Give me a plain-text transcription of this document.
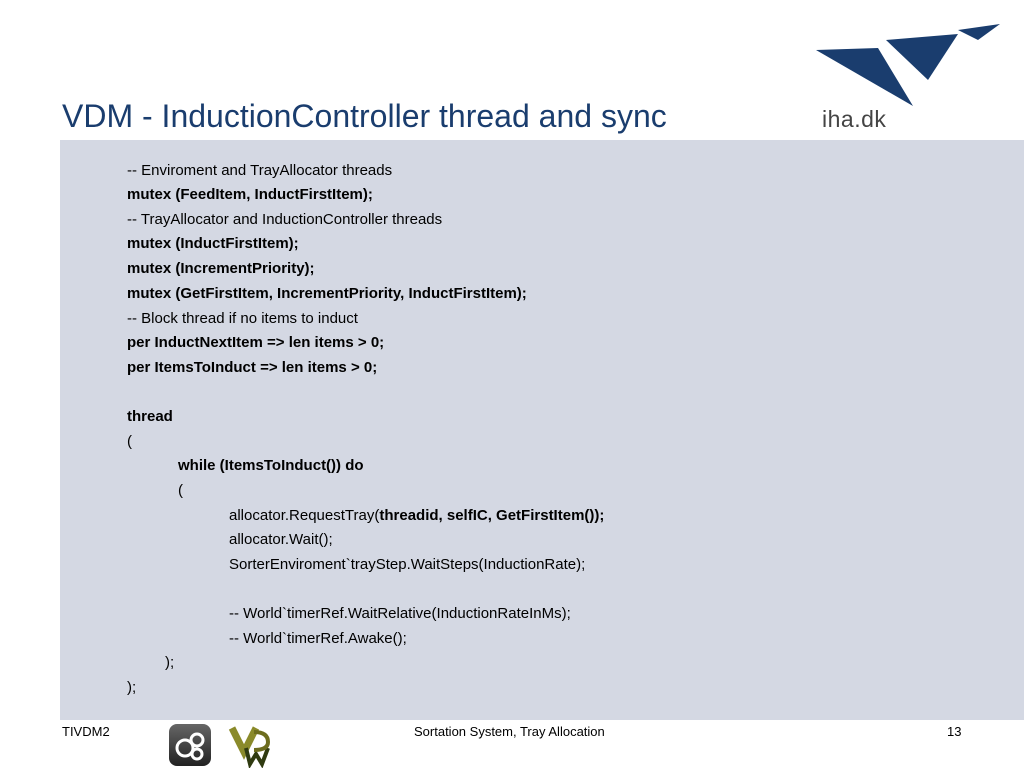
VDM - InductionController thread and sync	iha.dk
-- Enviroment and TrayAllocator threads
mutex (FeedItem, InductFirstItem);
-- TrayAllocator and InductionController threads
mutex (InductFirstItem);
mutex (IncrementPriority);
mutex (GetFirstItem, IncrementPriority, InductFirstItem);
-- Block thread if no items to induct
per InductNextItem => len items > 0;
per ItemsToInduct => len items > 0;
thread
(
while (ItemsToInduct()) do
(
allocator.RequestTray(threadid, selfIC, GetFirstItem());
allocator.Wait();
SorterEnviroment`trayStep.WaitSteps(InductionRate);
-- World`timerRef.WaitRelative(InductionRateInMs);
-- World`timerRef.Awake();
);
);
TIVDM2	Sortation System, Tray Allocation	13
